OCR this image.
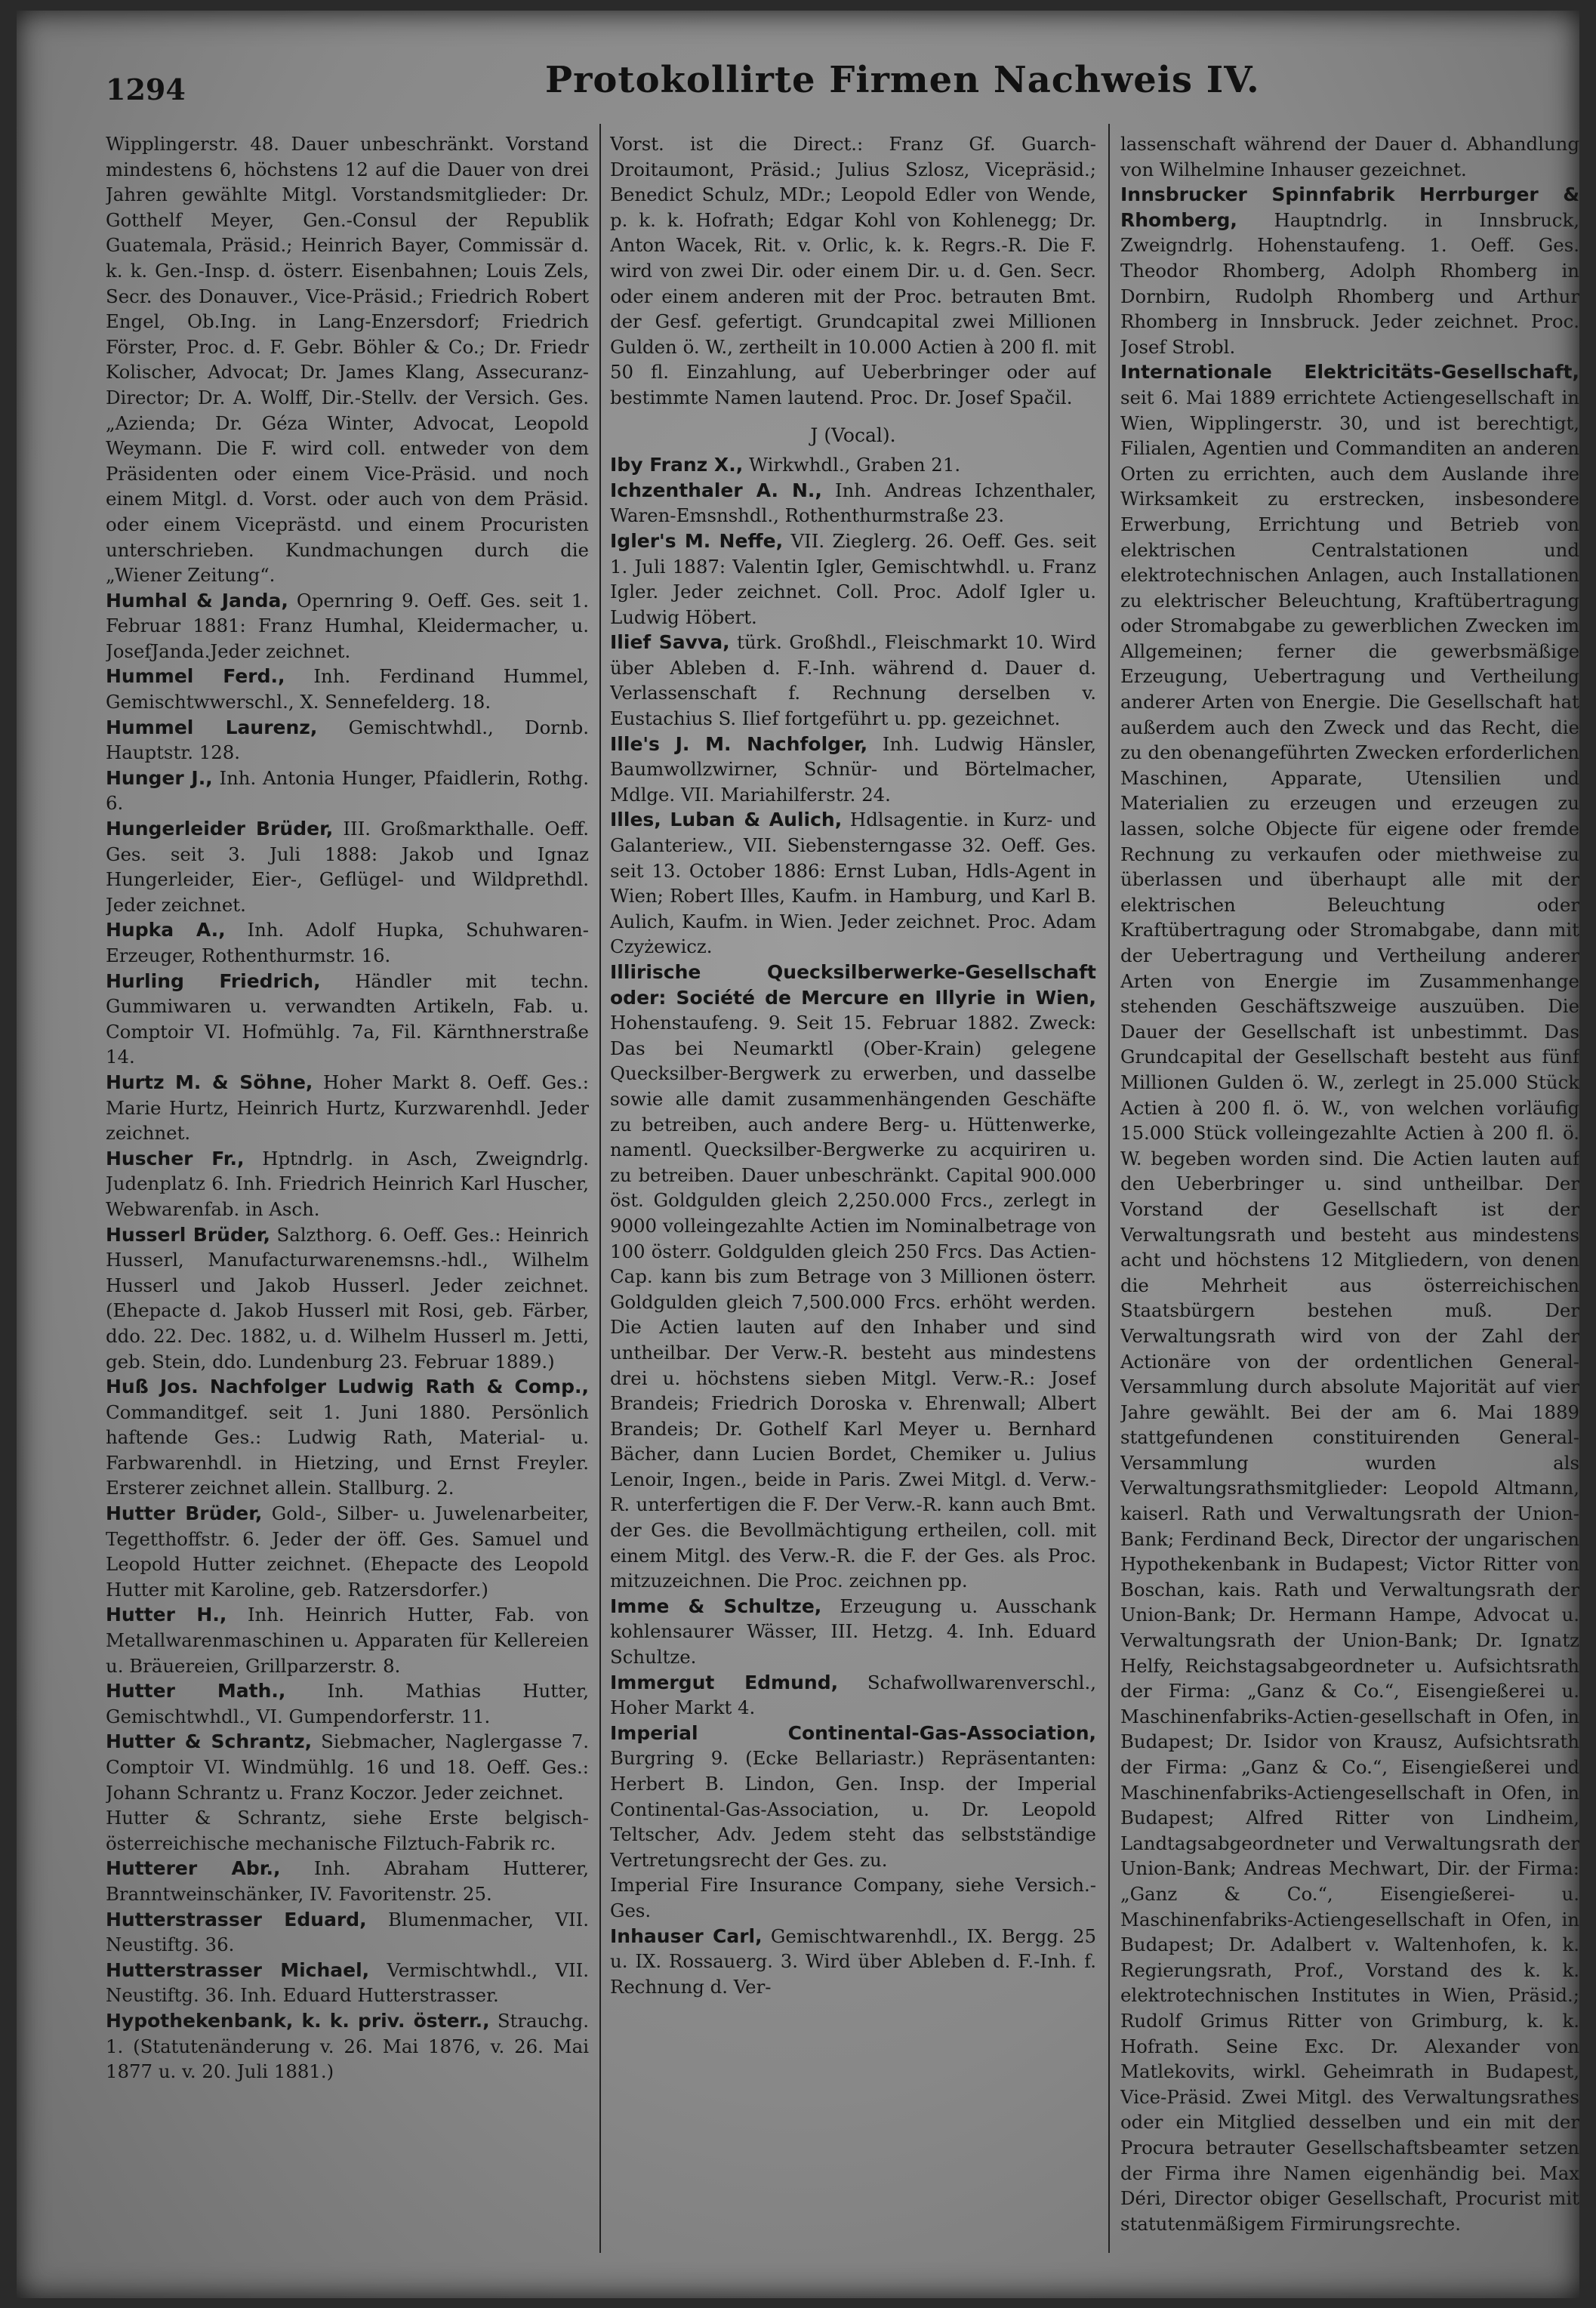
1294	Protokollirte Firmen Nachweis IV.

Wipplingerstr. 48. Dauer unbeschränkt. Vorstand mindestens 6, höchstens 12 auf die Dauer von drei Jahren gewählte Mitgl. Vorstandsmitglieder: Dr. Gotthelf Meyer, Gen.-Consul der Republik Guatemala, Präsid.; Heinrich Bayer, Commissär d. k. k. Gen.-Insp. d. österr. Eisenbahnen; Louis Zels, Secr. des Donauver., Vice-Präsid.; Friedrich Robert Engel, Ob.Ing. in Lang-Enzersdorf; Friedrich Förster, Proc. d. F. Gebr. Böhler & Co.; Dr. Friedr Kolischer, Advocat; Dr. James Klang, Assecuranz-Director; Dr. A. Wolff, Dir.-Stellv. der Versich. Ges. „Azienda; Dr. Géza Winter, Advocat, Leopold Weymann. Die F. wird coll. entweder von dem Präsidenten oder einem Vice-Präsid. und noch einem Mitgl. d. Vorst. oder auch von dem Präsid. oder einem Viceprästd. und einem Procuristen unterschrieben. Kundmachungen durch die „Wiener Zeitung“.

Humhal & Janda, Opernring 9. Oeff. Ges. seit 1. Februar 1881: Franz Humhal, Kleidermacher, u. JosefJanda.Jeder zeichnet.

Hummel Ferd., Inh. Ferdinand Hummel, Gemischtwwerschl., X. Sennefelderg. 18.

Hummel Laurenz, Gemischtwhdl., Dornb. Hauptstr. 128.

Hunger J., Inh. Antonia Hunger, Pfaidlerin, Rothg. 6.

Hungerleider Brüder, III. Großmarkthalle. Oeff. Ges. seit 3. Juli 1888: Jakob und Ignaz Hungerleider, Eier-, Geflügel- und Wildprethdl. Jeder zeichnet.

Hupka A., Inh. Adolf Hupka, Schuhwaren-Erzeuger, Rothenthurmstr. 16.

Hurling Friedrich, Händler mit techn. Gummiwaren u. verwandten Artikeln, Fab. u. Comptoir VI. Hofmühlg. 7a, Fil. Kärnthnerstraße 14.

Hurtz M. & Söhne, Hoher Markt 8. Oeff. Ges.: Marie Hurtz, Heinrich Hurtz, Kurzwarenhdl. Jeder zeichnet.

Huscher Fr., Hptndrlg. in Asch, Zweigndrlg. Judenplatz 6. Inh. Friedrich Heinrich Karl Huscher, Webwarenfab. in Asch.

Husserl Brüder, Salzthorg. 6. Oeff. Ges.: Heinrich Husserl, Manufacturwarenemsns.-hdl., Wilhelm Husserl und Jakob Husserl. Jeder zeichnet. (Ehepacte d. Jakob Husserl mit Rosi, geb. Färber, ddo. 22. Dec. 1882, u. d. Wilhelm Husserl m. Jetti, geb. Stein, ddo. Lundenburg 23. Februar 1889.)

Huß Jos. Nachfolger Ludwig Rath & Comp., Commanditgef. seit 1. Juni 1880. Persönlich haftende Ges.: Ludwig Rath, Material- u. Farbwarenhdl. in Hietzing, und Ernst Freyler. Ersterer zeichnet allein. Stallburg. 2.

Hutter Brüder, Gold-, Silber- u. Juwelenarbeiter, Tegetthoffstr. 6. Jeder der öff. Ges. Samuel und Leopold Hutter zeichnet. (Ehepacte des Leopold Hutter mit Karoline, geb. Ratzersdorfer.)

Hutter H., Inh. Heinrich Hutter, Fab. von Metallwarenmaschinen u. Apparaten für Kellereien u. Bräuereien, Grillparzerstr. 8.

Hutter Math., Inh. Mathias Hutter, Gemischtwhdl., VI. Gumpendorferstr. 11.

Hutter & Schrantz, Siebmacher, Naglergasse 7. Comptoir VI. Windmühlg. 16 und 18. Oeff. Ges.: Johann Schrantz u. Franz Koczor. Jeder zeichnet.

Hutter & Schrantz, siehe Erste belgisch-österreichische mechanische Filztuch-Fabrik rc.

Hutterer Abr., Inh. Abraham Hutterer, Branntweinschänker, IV. Favoritenstr. 25.

Hutterstrasser Eduard, Blumenmacher, VII. Neustiftg. 36.

Hutterstrasser Michael, Vermischtwhdl., VII. Neustiftg. 36. Inh. Eduard Hutterstrasser.

Hypothekenbank, k. k. priv. österr., Strauchg. 1. (Statutenänderung v. 26. Mai 1876, v. 26. Mai 1877 u. v. 20. Juli 1881.)

Vorst. ist die Direct.: Franz Gf. Guarch-Droitaumont, Präsid.; Julius Szlosz, Vicepräsid.; Benedict Schulz, MDr.; Leopold Edler von Wende, p. k. k. Hofrath; Edgar Kohl von Kohlenegg; Dr. Anton Wacek, Rit. v. Orlic, k. k. Regrs.-R. Die F. wird von zwei Dir. oder einem Dir. u. d. Gen. Secr. oder einem anderen mit der Proc. betrauten Bmt. der Gesf. gefertigt. Grundcapital zwei Millionen Gulden ö. W., zertheilt in 10.000 Actien à 200 fl. mit 50 fl. Einzahlung, auf Ueberbringer oder auf bestimmte Namen lautend. Proc. Dr. Josef Spačil.

J (Vocal).

Iby Franz X., Wirkwhdl., Graben 21.

Ichzenthaler A. N., Inh. Andreas Ichzenthaler, Waren-Emsnshdl., Rothenthurmstraße 23.

Igler's M. Neffe, VII. Zieglerg. 26. Oeff. Ges. seit 1. Juli 1887: Valentin Igler, Gemischtwhdl. u. Franz Igler. Jeder zeichnet. Coll. Proc. Adolf Igler u. Ludwig Höbert.

Ilief Savva, türk. Großhdl., Fleischmarkt 10. Wird über Ableben d. F.-Inh. während d. Dauer d. Verlassenschaft f. Rechnung derselben v. Eustachius S. Ilief fortgeführt u. pp. gezeichnet.

Ille's J. M. Nachfolger, Inh. Ludwig Hänsler, Baumwollzwirner, Schnür- und Börtelmacher, Mdlge. VII. Mariahilferstr. 24.

Illes, Luban & Aulich, Hdlsagentie. in Kurz- und Galanteriew., VII. Siebensterngasse 32. Oeff. Ges. seit 13. October 1886: Ernst Luban, Hdls-Agent in Wien; Robert Illes, Kaufm. in Hamburg, und Karl B. Aulich, Kaufm. in Wien. Jeder zeichnet. Proc. Adam Czyżewicz.

Illirische Quecksilberwerke-Gesellschaft oder: Société de Mercure en Illyrie in Wien, Hohenstaufeng. 9. Seit 15. Februar 1882. Zweck: Das bei Neumarktl (Ober-Krain) gelegene Quecksilber-Bergwerk zu erwerben, und dasselbe sowie alle damit zusammenhängenden Geschäfte zu betreiben, auch andere Berg- u. Hüttenwerke, namentl. Quecksilber-Bergwerke zu acquiriren u. zu betreiben. Dauer unbeschränkt. Capital 900.000 öst. Goldgulden gleich 2,250.000 Frcs., zerlegt in 9000 volleingezahlte Actien im Nominalbetrage von 100 österr. Goldgulden gleich 250 Frcs. Das Actien-Cap. kann bis zum Betrage von 3 Millionen österr. Goldgulden gleich 7,500.000 Frcs. erhöht werden. Die Actien lauten auf den Inhaber und sind untheilbar. Der Verw.-R. besteht aus mindestens drei u. höchstens sieben Mitgl. Verw.-R.: Josef Brandeis; Friedrich Doroska v. Ehrenwall; Albert Brandeis; Dr. Gothelf Karl Meyer u. Bernhard Bächer, dann Lucien Bordet, Chemiker u. Julius Lenoir, Ingen., beide in Paris. Zwei Mitgl. d. Verw.-R. unterfertigen die F. Der Verw.-R. kann auch Bmt. der Ges. die Bevollmächtigung ertheilen, coll. mit einem Mitgl. des Verw.-R. die F. der Ges. als Proc. mitzuzeichnen. Die Proc. zeichnen pp.

Imme & Schultze, Erzeugung u. Ausschank kohlensaurer Wässer, III. Hetzg. 4. Inh. Eduard Schultze.

Immergut Edmund, Schafwollwarenverschl., Hoher Markt 4.

Imperial Continental-Gas-Association, Burgring 9. (Ecke Bellariastr.) Repräsentanten: Herbert B. Lindon, Gen. Insp. der Imperial Continental-Gas-Association, u. Dr. Leopold Teltscher, Adv. Jedem steht das selbstständige Vertretungsrecht der Ges. zu.

Imperial Fire Insurance Company, siehe Versich.-Ges.

Inhauser Carl, Gemischtwarenhdl., IX. Bergg. 25 u. IX. Rossauerg. 3. Wird über Ableben d. F.-Inh. f. Rechnung d. Ver-

lassenschaft während der Dauer d. Abhandlung von Wilhelmine Inhauser gezeichnet.

Innsbrucker Spinnfabrik Herrburger & Rhomberg, Hauptndrlg. in Innsbruck, Zweigndrlg. Hohenstaufeng. 1. Oeff. Ges. Theodor Rhomberg, Adolph Rhomberg in Dornbirn, Rudolph Rhomberg und Arthur Rhomberg in Innsbruck. Jeder zeichnet. Proc. Josef Strobl.

Internationale Elektricitäts-Gesellschaft, seit 6. Mai 1889 errichtete Actiengesellschaft in Wien, Wipplingerstr. 30, und ist berechtigt, Filialen, Agentien und Commanditen an anderen Orten zu errichten, auch dem Auslande ihre Wirksamkeit zu erstrecken, insbesondere Erwerbung, Errichtung und Betrieb von elektrischen Centralstationen und elektrotechnischen Anlagen, auch Installationen zu elektrischer Beleuchtung, Kraftübertragung oder Stromabgabe zu gewerblichen Zwecken im Allgemeinen; ferner die gewerbsmäßige Erzeugung, Uebertragung und Vertheilung anderer Arten von Energie. Die Gesellschaft hat außerdem auch den Zweck und das Recht, die zu den obenangeführten Zwecken erforderlichen Maschinen, Apparate, Utensilien und Materialien zu erzeugen und erzeugen zu lassen, solche Objecte für eigene oder fremde Rechnung zu verkaufen oder miethweise zu überlassen und überhaupt alle mit der elektrischen Beleuchtung oder Kraftübertragung oder Stromabgabe, dann mit der Uebertragung und Vertheilung anderer Arten von Energie im Zusammenhange stehenden Geschäftszweige auszuüben. Die Dauer der Gesellschaft ist unbestimmt. Das Grundcapital der Gesellschaft besteht aus fünf Millionen Gulden ö. W., zerlegt in 25.000 Stück Actien à 200 fl. ö. W., von welchen vorläufig 15.000 Stück volleingezahlte Actien à 200 fl. ö. W. begeben worden sind. Die Actien lauten auf den Ueberbringer u. sind untheilbar. Der Vorstand der Gesellschaft ist der Verwaltungsrath und besteht aus mindestens acht und höchstens 12 Mitgliedern, von denen die Mehrheit aus österreichischen Staatsbürgern bestehen muß. Der Verwaltungsrath wird von der Zahl der Actionäre von der ordentlichen General-Versammlung durch absolute Majorität auf vier Jahre gewählt. Bei der am 6. Mai 1889 stattgefundenen constituirenden General-Versammlung wurden als Verwaltungsrathsmitglieder: Leopold Altmann, kaiserl. Rath und Verwaltungsrath der Union-Bank; Ferdinand Beck, Director der ungarischen Hypothekenbank in Budapest; Victor Ritter von Boschan, kais. Rath und Verwaltungsrath der Union-Bank; Dr. Hermann Hampe, Advocat u. Verwaltungsrath der Union-Bank; Dr. Ignatz Helfy, Reichstagsabgeordneter u. Aufsichtsrath der Firma: „Ganz & Co.“, Eisengießerei u. Maschinenfabriks-Actien-gesellschaft in Ofen, in Budapest; Dr. Isidor von Krausz, Aufsichtsrath der Firma: „Ganz & Co.“, Eisengießerei und Maschinenfabriks-Actiengesellschaft in Ofen, in Budapest; Alfred Ritter von Lindheim, Landtagsabgeordneter und Verwaltungsrath der Union-Bank; Andreas Mechwart, Dir. der Firma: „Ganz & Co.“, Eisengießerei- u. Maschinenfabriks-Actiengesellschaft in Ofen, in Budapest; Dr. Adalbert v. Waltenhofen, k. k. Regierungsrath, Prof., Vorstand des k. k. elektrotechnischen Institutes in Wien, Präsid.; Rudolf Grimus Ritter von Grimburg, k. k. Hofrath. Seine Exc. Dr. Alexander von Matlekovits, wirkl. Geheimrath in Budapest, Vice-Präsid. Zwei Mitgl. des Verwaltungsrathes oder ein Mitglied desselben und ein mit der Procura betrauter Gesellschaftsbeamter setzen der Firma ihre Namen eigenhändig bei. Max Déri, Director obiger Gesellschaft, Procurist mit statutenmäßigem Firmirungsrechte.
